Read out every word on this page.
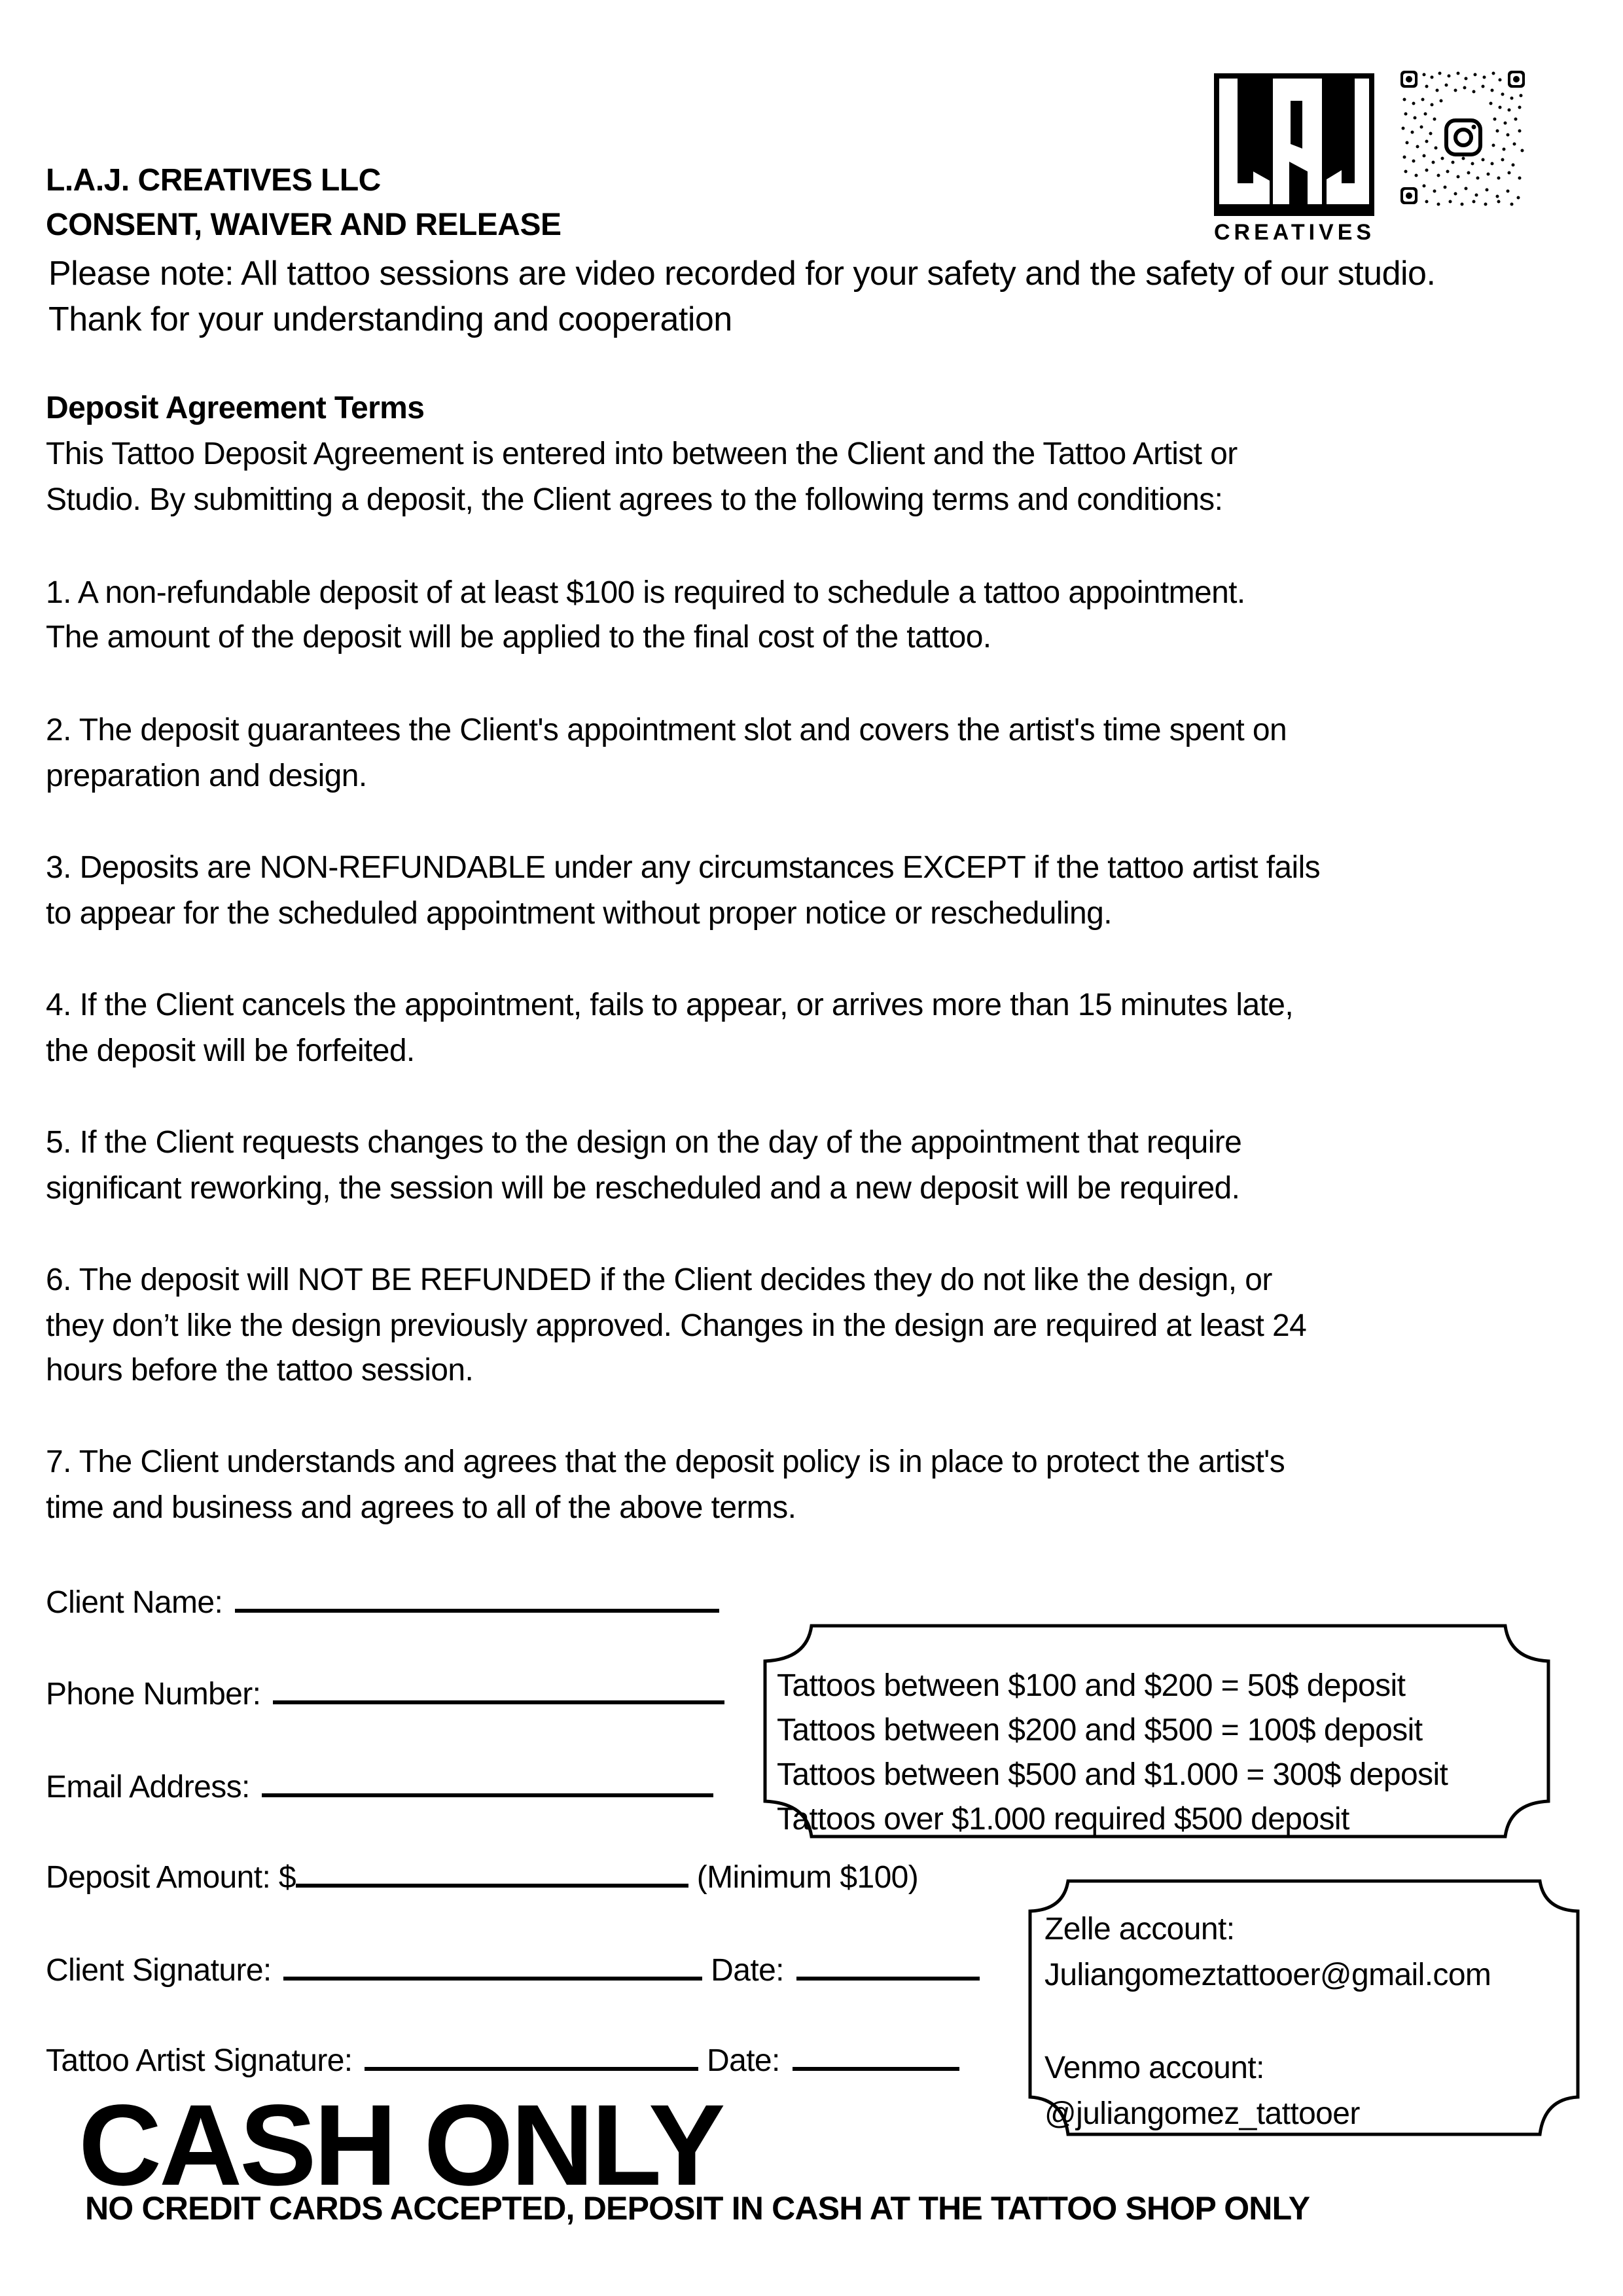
L.A.J. CREATIVES LLC
CONSENT, WAIVER AND RELEASE
Please note: All tattoo sessions are video recorded for your safety and the safety of our studio.
Thank for your understanding and cooperation
CREATIVES
Deposit Agreement Terms
This Tattoo Deposit Agreement is entered into between the Client and the Tattoo Artist or
Studio. By submitting a deposit, the Client agrees to the following terms and conditions:
1. A non-refundable deposit of at least $100 is required to schedule a tattoo appointment.
The amount of the deposit will be applied to the final cost of the tattoo.
2. The deposit guarantees the Client's appointment slot and covers the artist's time spent on
preparation and design.
3. Deposits are NON-REFUNDABLE under any circumstances EXCEPT if the tattoo artist fails
to appear for the scheduled appointment without proper notice or rescheduling.
4. If the Client cancels the appointment, fails to appear, or arrives more than 15 minutes late,
the deposit will be forfeited.
5. If the Client requests changes to the design on the day of the appointment that require
significant reworking, the session will be rescheduled and a new deposit will be required.
6. The deposit will NOT BE REFUNDED if the Client decides they do not like the design, or
they don’t like the design previously approved. Changes in the design are required at least 24
hours before the tattoo session.
7. The Client understands and agrees that the deposit policy is in place to protect the artist's
time and business and agrees to all of the above terms.
Client Name:
Phone Number:
Email Address:
Deposit Amount: $	(Minimum $100)
Client Signature:	Date:
Tattoo Artist Signature:	Date:
Tattoos between $100 and $200 = 50$ deposit
Tattoos between $200 and $500 = 100$ deposit
Tattoos between $500 and $1.000 = 300$ deposit
Tattoos over $1.000 required $500 deposit
Zelle account:
Juliangomeztattooer@gmail.com
Venmo account:
@juliangomez_tattooer
CASH ONLY
NO CREDIT CARDS ACCEPTED, DEPOSIT IN CASH AT THE TATTOO SHOP ONLY
